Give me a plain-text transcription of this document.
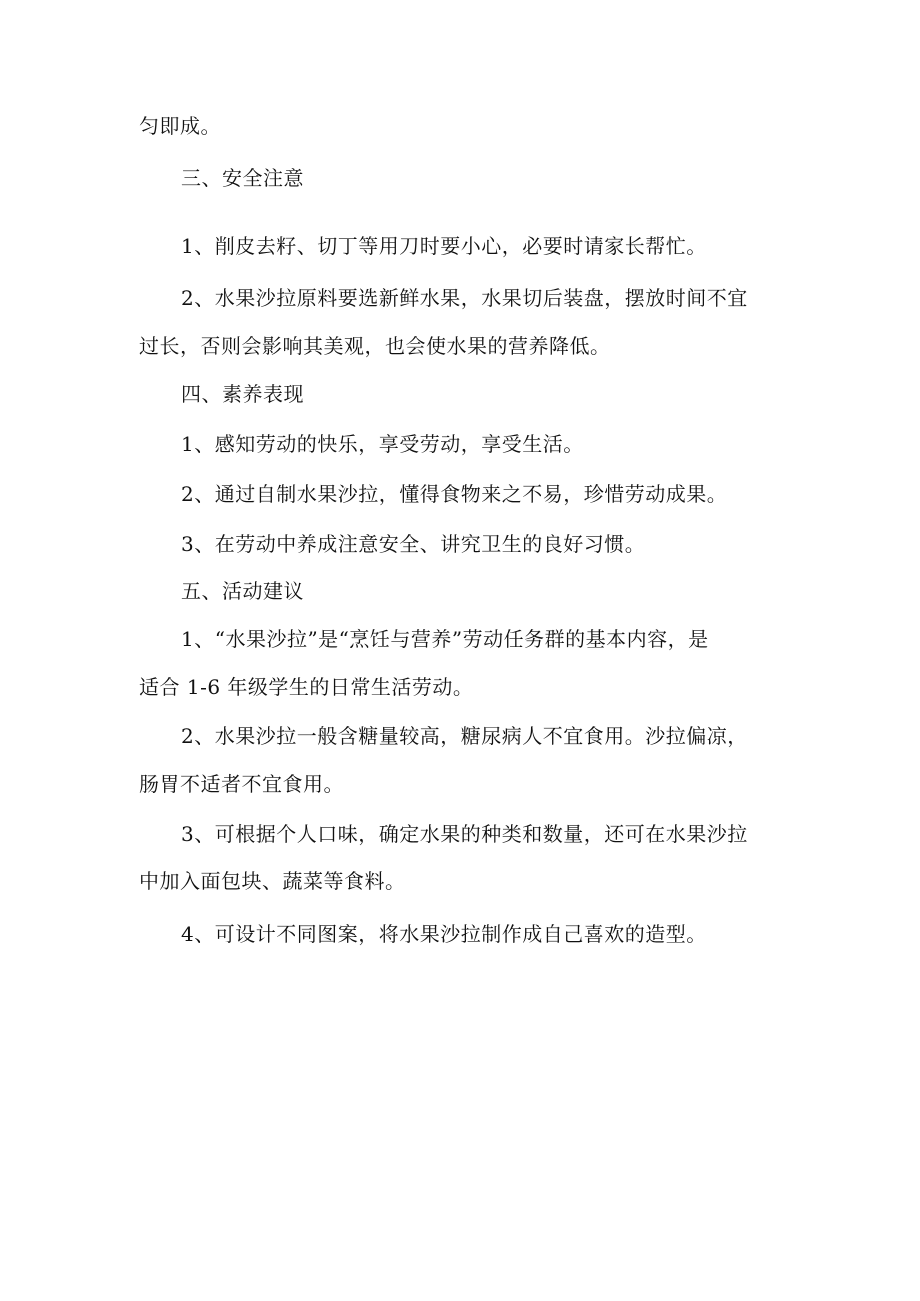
匀即成。
三、安全注意
1、削皮去籽、切丁等用刀时要小心，必要时请家长帮忙。
2、水果沙拉原料要选新鲜水果，水果切后装盘，摆放时间不宜
过长，否则会影响其美观，也会使水果的营养降低。
四、素养表现
1、感知劳动的快乐，享受劳动，享受生活。
2、通过自制水果沙拉，懂得食物来之不易，珍惜劳动成果。
3、在劳动中养成注意安全、讲究卫生的良好习惯。
五、活动建议
1、“水果沙拉”是“烹饪与营养”劳动任务群的基本内容，是
适合 1-6 年级学生的日常生活劳动。
2、水果沙拉一般含糖量较高，糖尿病人不宜食用。沙拉偏凉，
肠胃不适者不宜食用。
3、可根据个人口味，确定水果的种类和数量，还可在水果沙拉
中加入面包块、蔬菜等食料。
4、可设计不同图案，将水果沙拉制作成自己喜欢的造型。
